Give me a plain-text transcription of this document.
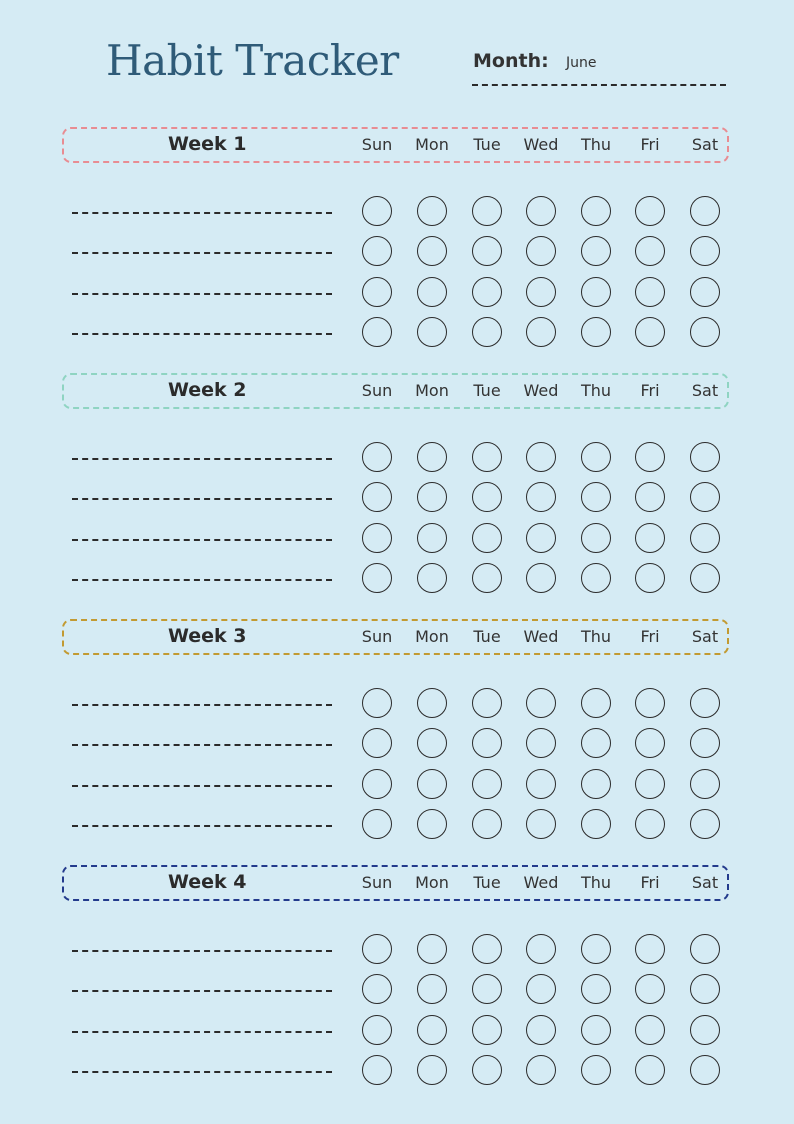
Habit Tracker	Month: June
Week 1	Sun	Mon	Tue	Wed	Thu	Fri	Sat
Week 2	Sun	Mon	Tue	Wed	Thu	Fri	Sat
Week 3	Sun	Mon	Tue	Wed	Thu	Fri	Sat
Week 4	Sun	Mon	Tue	Wed	Thu	Fri	Sat
